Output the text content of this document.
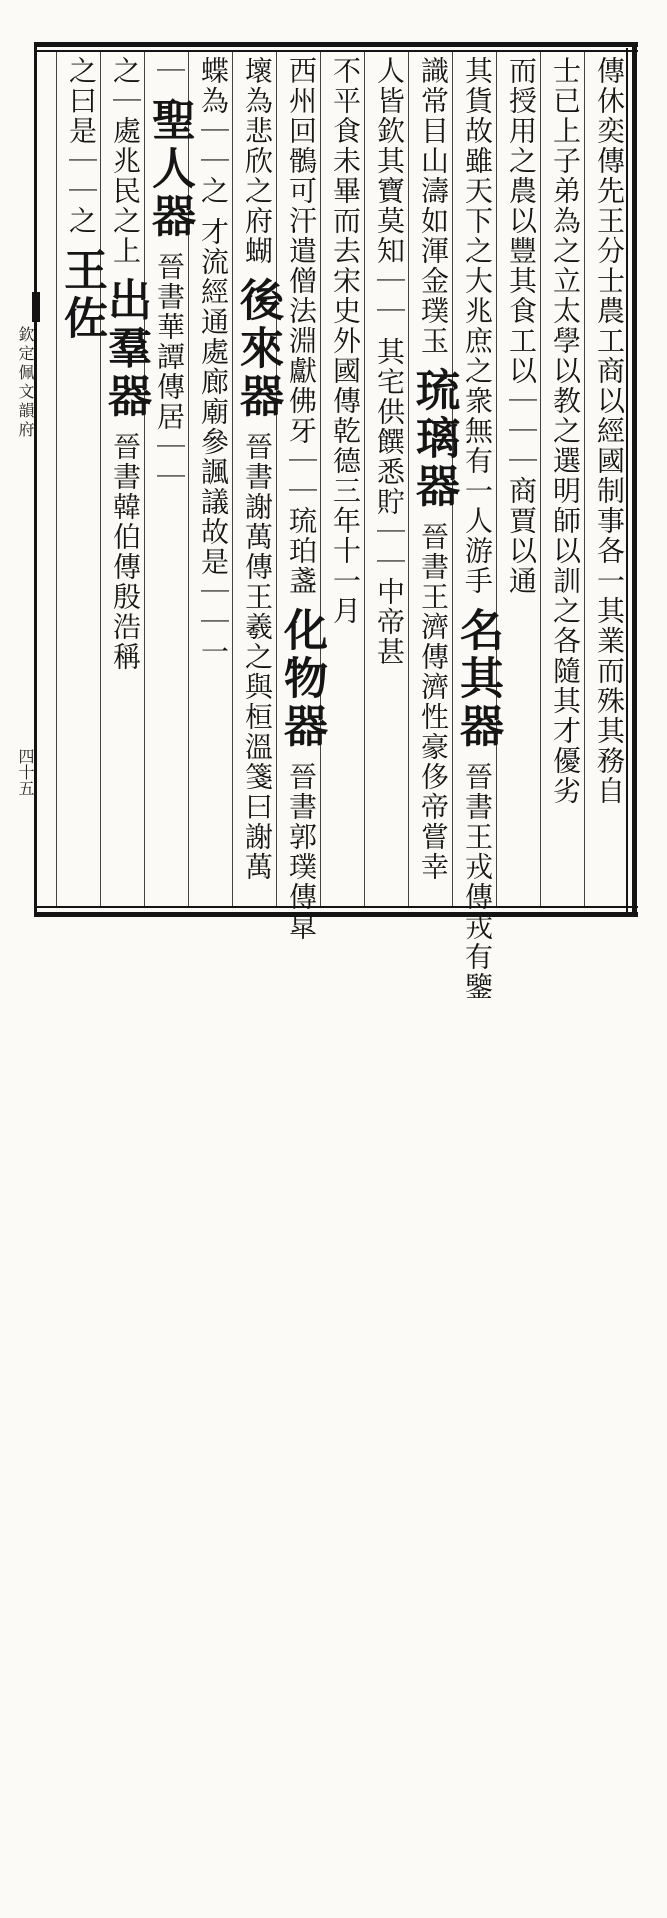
欽定佩文韻府
四十五	傳休奕傳先王分士農工商以經國制事各一其業而殊其務自
士已上子弟為之立太學以教之選明師以訓之各隨其才優劣
而授用之農以豐其食工以｜｜｜商賈以通
其貨故雖天下之大兆庶之衆無有一人游手 名其器 晉書王戎傳戎有鑒
識常目山濤如渾金璞玉 琉璃器 晉書王濟傳濟性豪侈帝嘗幸
人皆欽其寶莫知｜｜ 其宅供饌悉貯｜｜中帝甚
不平食未畢而去宋史外國傳乾德三年十一月
西州回鶻可汗遣僧法淵獻佛牙｜｜琉珀盞 化物器 晉書郭璞傳皐
壞為悲欣之府蝴 後來器 晉書謝萬傳王羲之與桓溫箋曰謝萬
蝶為｜｜之 才流經通處廊廟參諷議故是｜｜一
｜ 聖人器 晉書華譚傳居｜｜
之｜處兆民之上 出羣器 晉書韓伯傳殷浩稱
之曰是｜｜之 王佐
